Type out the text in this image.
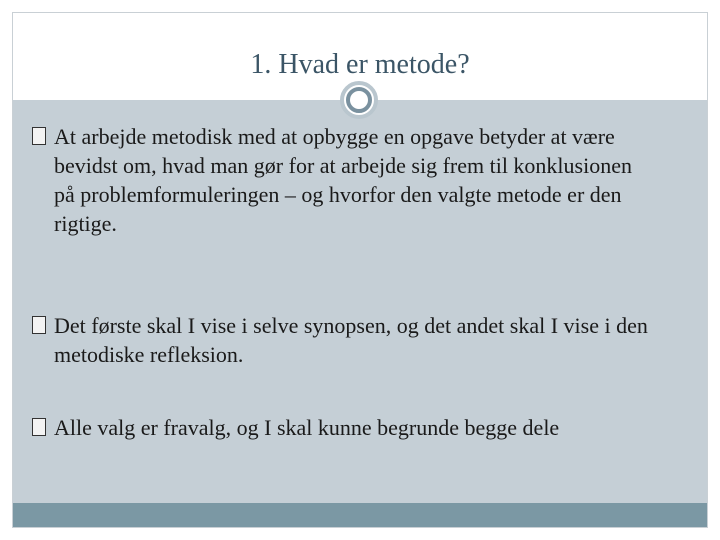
1. Hvad er metode?
At arbejde metodisk med at opbygge en opgave betyder at være bevidst om, hvad man gør for at arbejde sig frem til konklusionen på problemformuleringen – og hvorfor den valgte metode er den rigtige.
Det første skal I vise i selve synopsen, og det andet skal I vise i den metodiske refleksion.
Alle valg er fravalg, og I skal kunne begrunde begge dele
